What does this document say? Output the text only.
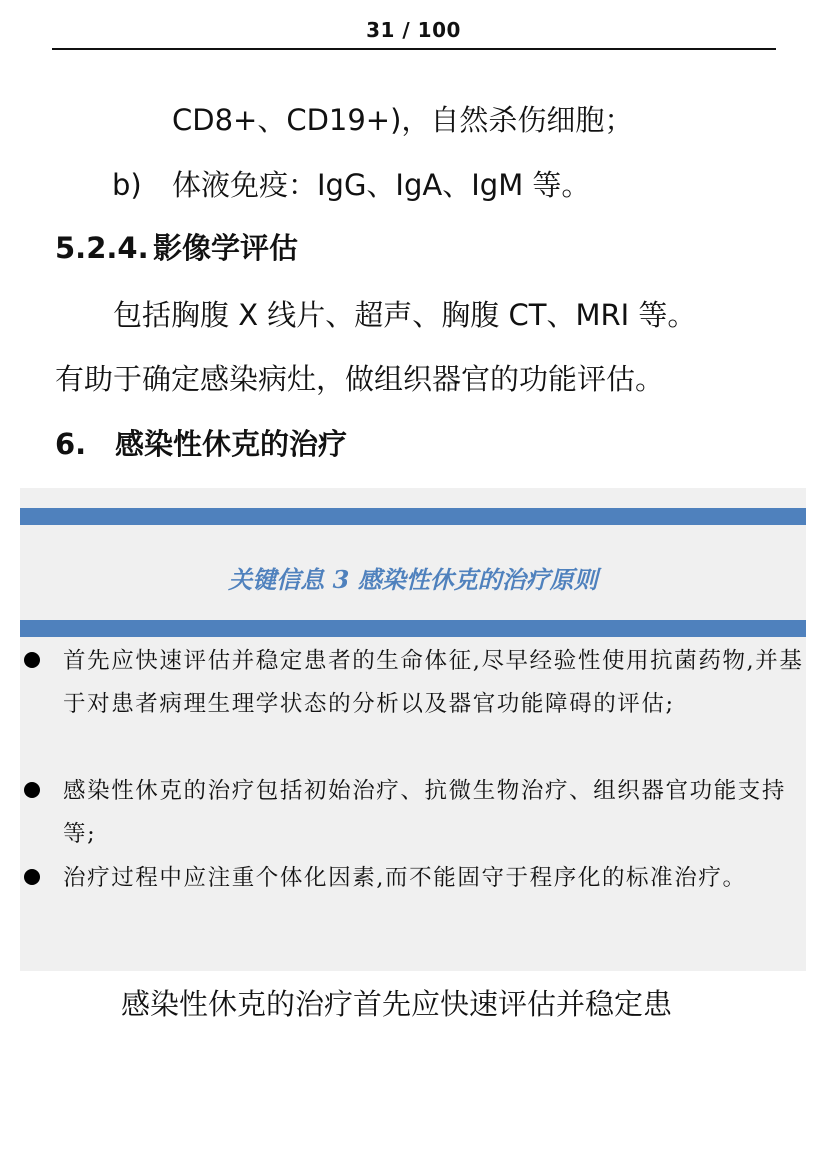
31 / 100
CD8+、CD19+)，自然杀伤细胞；
b) 体液免疫：IgG、IgA、IgM 等。
5.2.4. 影像学评估
包括胸腹 X 线片、超声、胸腹 CT、MRI 等。
有助于确定感染病灶，做组织器官的功能评估。
6. 感染性休克的治疗
关键信息 3 感染性休克的治疗原则
首先应快速评估并稳定患者的生命体征,尽早经验性使用抗菌药物,并基于对患者病理生理学状态的分析以及器官功能障碍的评估;
感染性休克的治疗包括初始治疗、抗微生物治疗、组织器官功能支持等;
治疗过程中应注重个体化因素,而不能固守于程序化的标准治疗。
感染性休克的治疗首先应快速评估并稳定患
